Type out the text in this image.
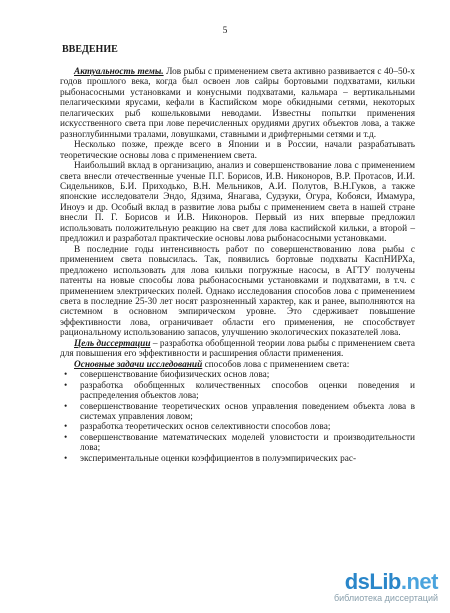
5
ВВЕДЕНИЕ

Актуальность темы. Лов рыбы с применением света активно развивается с 40–50-х годов прошлого века, когда был освоен лов сайры бортовыми подхватами, кильки рыбонасосными установками и конусными подхватами, кальмара – вертикальными пелагическими ярусами, кефали в Каспийском море обкидными сетями, некоторых пелагических рыб кошельковыми неводами. Известны попытки применения искусственного света при лове перечисленных орудиями других объектов лова, а также разноглубинными тралами, ловушками, ставными и дрифтерными сетями и т.д.

Несколько позже, прежде всего в Японии и в России, начали разрабатывать теоретические основы лова с применением света.

Наибольший вклад в организацию, анализ и совершенствование лова с применением света внесли отечественные ученые П.Г. Борисов, И.В. Никоноров, В.Р. Протасов, И.И. Сидельников, Б.И. Приходько, В.Н. Мельников, А.И. Полутов, В.Н.Гуков, а также японские исследователи Эндо, Ядзима, Янагава, Судзуки, Огура, Кобояси, Имамура, Иноуэ и др. Особый вклад в развитие лова рыбы с применением света в нашей стране внесли П. Г. Борисов и И.В. Никоноров. Первый из них впервые предложил использовать положительную реакцию на свет для лова каспийской кильки, а второй – предложил и разработал практические основы лова рыбонасосными установками.

В последние годы интенсивность работ по совершенствованию лова рыбы с применением света повысилась. Так, появились бортовые подхваты КаспНИРХа, предложено использовать для лова кильки погружные насосы, в АГТУ получены патенты на новые способы лова рыбонасосными установками и подхватами, в т.ч. с применением электрических полей. Однако исследования способов лова с применением света в последние 25-30 лет носят разрозненный характер, как и ранее, выполняются на системном в основном эмпирическом уровне. Это сдерживает повышение эффективности лова, ограничивает области его применения, не способствует рациональному использованию запасов, улучшению экологических показателей лова.

Цель диссертации – разработка обобщенной теории лова рыбы с применением света для повышения его эффективности и расширения области применения.

Основные задачи исследований способов лова с применением света:

• совершенствование биофизических основ лова;
• разработка обобщенных количественных способов оценки поведения и распределения объектов лова;
• совершенствование теоретических основ управления поведением объекта лова в системах управления ловом;
• разработка теоретических основ селективности способов лова;
• совершенствование математических моделей уловистости и производительности лова;
• экспериментальные оценки коэффициентов в полуэмпирических рас-
dsLib.net
библиотека диссертаций
